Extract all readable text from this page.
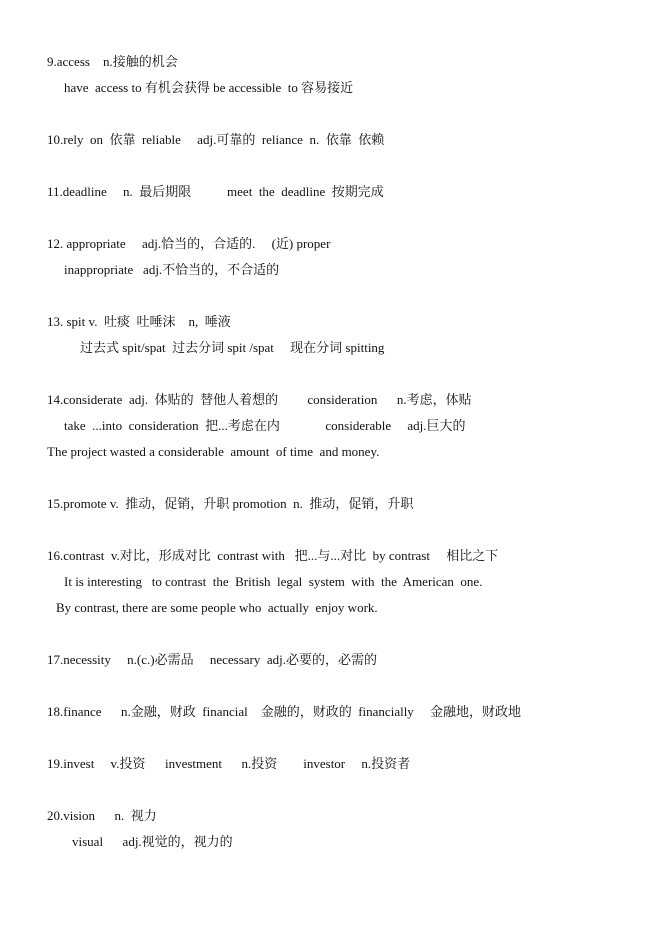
9.access    n.接触的机会
have  access to 有机会获得 be accessible  to 容易接近
10.rely  on  依靠  reliable     adj.可靠的  reliance  n.  依靠  依赖
11.deadline     n.  最后期限           meet  the  deadline  按期完成
12. appropriate     adj.恰当的，合适的.     (近) proper
inappropriate   adj.不恰当的，不合适的
13. spit v.  吐痰  吐唾沫    n,  唾液
过去式 spit/spat  过去分词 spit /spat     现在分词 spitting
14.considerate  adj.  体贴的  替他人着想的         consideration      n.考虑，体贴
take  ...into  consideration  把...考虑在内              considerable     adj.巨大的
The project wasted a considerable  amount  of time  and money.
15.promote v.  推动，促销，升职 promotion  n.  推动，促销，升职
16.contrast  v.对比，形成对比  contrast with   把...与...对比  by contrast     相比之下
It is interesting   to contrast  the  British  legal  system  with  the  American  one.
By contrast, there are some people who  actually  enjoy work.
17.necessity     n.(c.)必需品     necessary  adj.必要的，必需的
18.finance      n.金融，财政  financial    金融的，财政的  financially     金融地，财政地
19.invest     v.投资      investment      n.投资        investor     n.投资者
20.vision      n.  视力
visual      adj.视觉的，视力的
